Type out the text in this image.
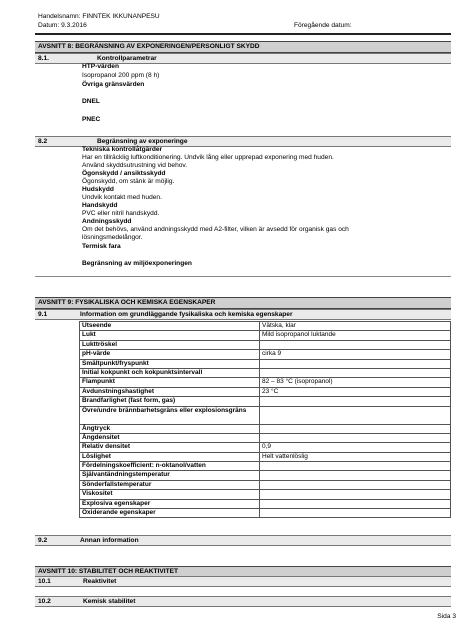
Handelsnamn: FINNTEK IKKUNANPESU
Datum: 9.3.2016	Föregående datum:
AVSNITT 8: BEGRÄNSNING AV EXPONERINGEN/PERSONLIGT SKYDD
8.1.	Kontrollparametrar
HTP-värden
Isopropanol 200 ppm (8 h)
Övriga gränsvärden
DNEL
PNEC
8.2	Begränsning av exponeringe
Tekniska kontrollåtgärder
Har en tillräcklig luftkonditionering. Undvik lång eller upprepad exponering med huden.
Använd skyddsutrustning vid behov.
Ögonskydd / ansiktsskydd
Ögonskydd, om stänk är möjlig.
Hudskydd
Undvik kontakt med huden.
Handskydd
PVC eller nitril handskydd.
Andningsskydd
Om det behövs, använd andningsskydd med A2-filter, vilken är avsedd för organisk gas och
lösningsmedelångor.
Termisk fara
Begränsning av miljöexponeringen
AVSNITT 9: FYSIKALISKA OCH KEMISKA EGENSKAPER
9.1	Information om grundläggande fysikaliska och kemiska egenskaper
Utseende	Vätska, klar
Lukt	Mild isopropanol luktande
Lukttröskel	
pH-värde	cirka 9
Smältpunkt/fryspunkt	
Initial kokpunkt och kokpunktsintervall	
Flampunkt	82 – 83 °C (isopropanol)
Avdunstningshastighet	23 °C
Brandfarlighet (fast form, gas)	
Övre/undre brännbarhetsgräns eller explosionsgräns	
Ångtryck	
Ångdensitet	
Relativ densitet	0,9
Löslighet	Helt vattenlöslig
Fördelningskoefficient: n-oktanol/vatten	
Självantändningstemperatur	
Sönderfallstemperatur	
Viskositet	
Explosiva egenskaper	
Oxiderande egenskaper	
9.2	Annan information
AVSNITT 10: STABILITET OCH REAKTIVITET
10.1	Reaktivitet
10.2	Kemisk stabilitet
Sida 3
